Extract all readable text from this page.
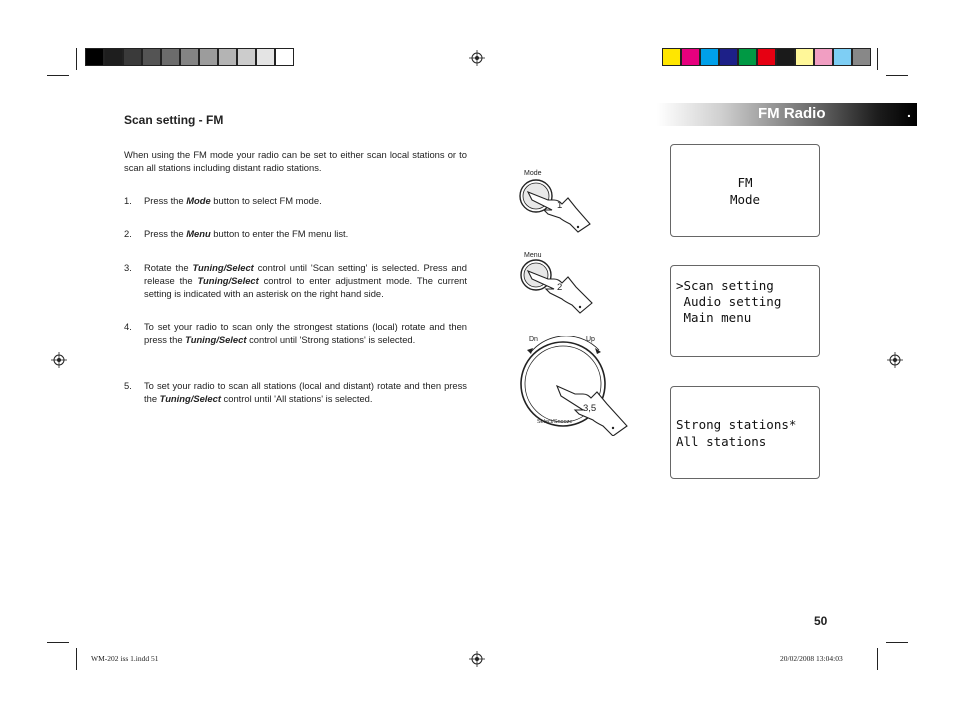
FM Radio	.
Scan setting - FM
When using the FM mode your radio can be set to either scan local stations or to scan all stations including distant radio stations.
1. Press the Mode button to select FM mode.
2. Press the Menu button to enter the FM menu list.
3. Rotate the Tuning/Select control until 'Scan setting' is selected. Press and release the Tuning/Select control to enter adjustment mode. The current setting is indicated with an asterisk on the right hand side.
4. To set your radio to scan only the strongest stations (local) rotate and then press the Tuning/Select control until 'Strong stations' is selected.
5. To set your radio to scan all stations (local and distant) rotate and then press the Tuning/Select control until 'All stations' is selected.
Mode
1
Menu
2
Dn	Up
3,5
Select/Snooze
FM
Mode
>Scan setting
Audio setting
Main menu
Strong stations*
All stations
50
WM-202 iss 1.indd 51	20/02/2008 13:04:03
